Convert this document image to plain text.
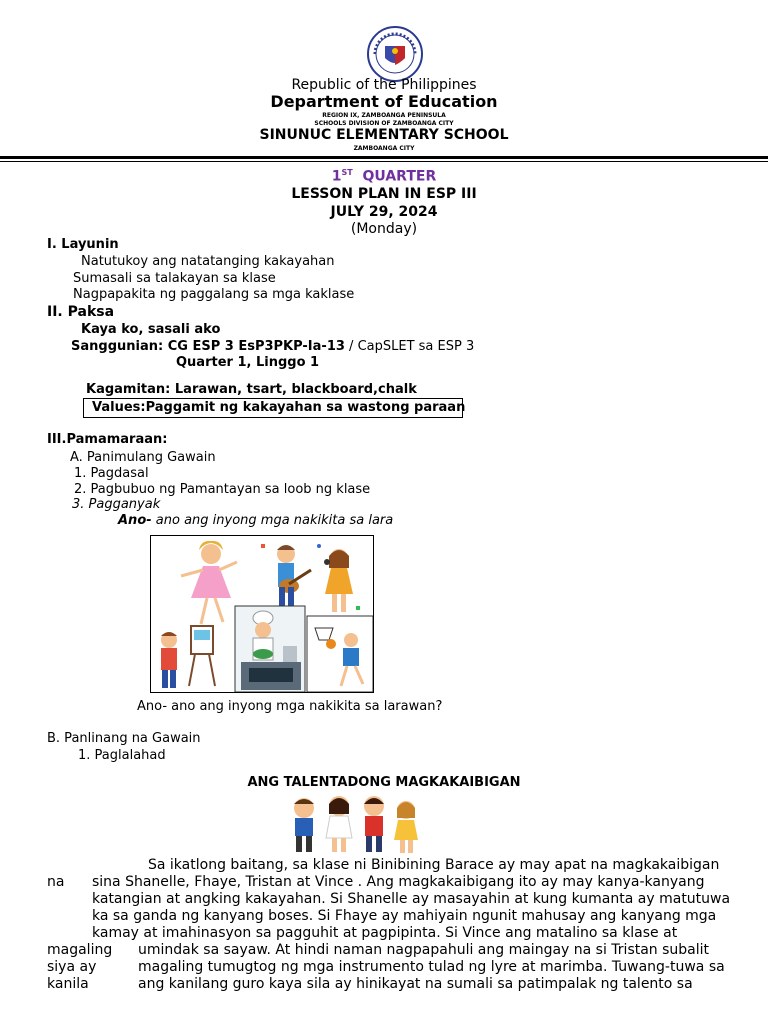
Republic of the Philippines
Department of Education
REGION IX, ZAMBOANGA PENINSULA
SCHOOLS DIVISION OF ZAMBOANGA CITY
SINUNUC ELEMENTARY SCHOOL
ZAMBOANGA CITY
1ST QUARTER
LESSON PLAN IN ESP III
JULY 29, 2024
(Monday)
I. Layunin
Natutukoy ang natatanging kakayahan
Sumasali sa talakayan sa klase
Nagpapakita ng paggalang sa mga kaklase
II. Paksa
Kaya ko, sasali ako
Sanggunian: CG ESP 3 EsP3PKP-Ia-13 / CapSLET sa ESP 3
Quarter 1, Linggo 1
Kagamitan: Larawan, tsart, blackboard,chalk
Values:Paggamit ng kakayahan sa wastong paraan
III.Pamamaraan:
A. Panimulang Gawain
1. Pagdasal
2. Pagbubuo ng Pamantayan sa loob ng klase
3. Pagganyak
Ano- ano ang inyong mga nakikita sa lara
Ano- ano ang inyong mga nakikita sa larawan?
B. Panlinang na Gawain
1. Paglalahad
ANG TALENTADONG MAGKAKAIBIGAN
Sa ikatlong baitang, sa klase ni Binibining Barace ay may apat na magkakaibigan
na sina Shanelle, Fhaye, Tristan at Vince . Ang magkakaibigang ito ay may kanya-kanyang
katangian at angking kakayahan. Si Shanelle ay masayahin at kung kumanta ay matutuwa
ka sa ganda ng kanyang boses. Si Fhaye ay mahiyain ngunit mahusay ang kanyang mga
kamay at imahinasyon sa pagguhit at pagpipinta. Si Vince ang matalino sa klase at
magaling umindak sa sayaw. At hindi naman nagpapahuli ang maingay na si Tristan subalit
siya ay	magaling tumugtog ng mga instrumento tulad ng lyre at marimba. Tuwang-tuwa sa
kanila	ang kanilang guro kaya sila ay hinikayat na sumali sa patimpalak ng talento sa
